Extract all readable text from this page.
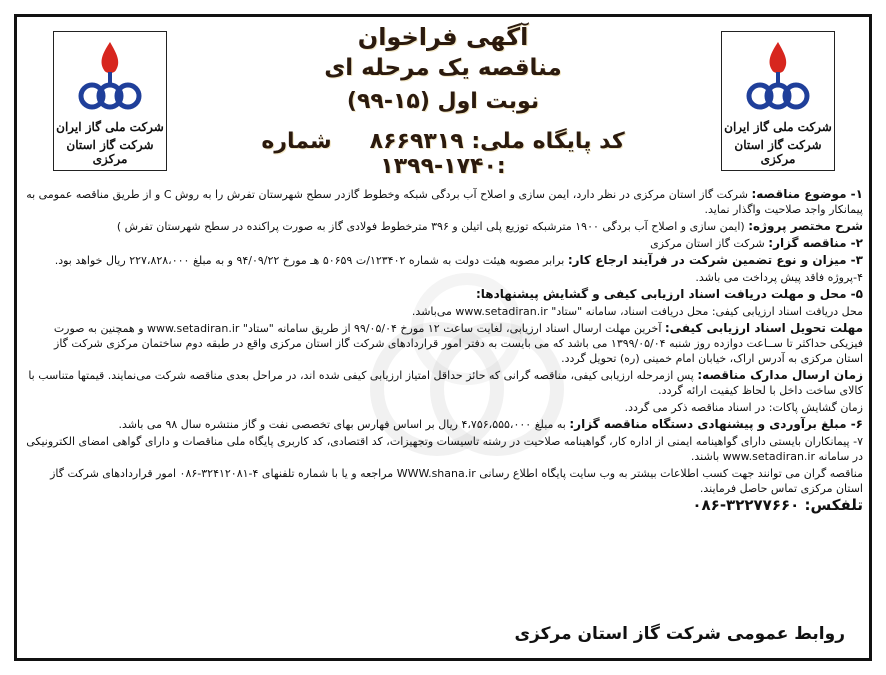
شرکت ملی گاز ایران
شرکت گاز استان مرکزی
آگهی فراخوان
مناقصه یک مرحله ای
نوبت اول (۱۵-۹۹)
کد پایگاه ملی: ۸۶۶۹۳۱۹شماره :۱۷۴۰-۱۳۹۹
شرکت ملی گاز ایران
شرکت گاز استان مرکزی

۱- موضوع مناقصه: شرکت گاز استان مرکزی در نظر دارد، ایمن سازی و اصلاح آب بردگی شبکه وخطوط گازدر سطح شهرستان تفرش را به روش C و از طریق مناقصه عمومی به پیمانکار واجد صلاحیت واگذار نماید.

شرح مختصر پروژه: (ایمن سازی و اصلاح آب بردگی ۱۹۰۰ مترشبکه توزیع پلی اتیلن و ۳۹۶ مترخطوط فولادی گاز به صورت پراکنده در سطح شهرستان تفرش )

۲- مناقصه گزار: شرکت گاز استان مرکزی

۳- میزان و نوع تضمین شرکت در فرآیند ارجاع کار: برابر مصوبه هیئت دولت به شماره ۱۲۳۴۰۲/ت ۵۰۶۵۹ هـ مورخ ۹۴/۰۹/۲۲ و به مبلغ ۲۲۷،۸۲۸،۰۰۰ ریال خواهد بود.

۴-پروژه فاقد پیش پرداخت می باشد.

۵- محل و مهلت دریافت اسناد ارزیابی کیفی و گشایش پیشنهادها:

محل دریافت اسناد ارزیابی کیفی: محل دریافت اسناد، سامانه "ستاد" www.setadiran.ir می‌باشد.

مهلت تحویل اسناد ارزیابی کیفی: آخرین مهلت ارسال اسناد ارزیابی، لغایت ساعت ۱۲ مورخ ۹۹/۰۵/۰۴ از طریق سامانه "ستاد" www.setadiran.ir و همچنین به صورت فیزیکی حداکثر تا ســاعت دوازده روز شنبه ۱۳۹۹/۰۵/۰۴ می باشد که می بایست به دفتر امور قراردادهای شرکت گاز استان مرکزی واقع در طبقه دوم ساختمان مرکزی شرکت گاز استان مرکزی به آدرس اراک، خیابان امام خمینی (ره) تحویل گردد.

زمان ارسال مدارک مناقصه: پس ازمرحله ارزیابی کیفی، مناقصه گرانی که حائز حداقل امتیاز ارزیابی کیفی شده اند، در مراحل بعدی مناقصه شرکت می‌نمایند. قیمتها متناسب با کالای ساخت داخل با لحاظ کیفیت ارائه گردد.

زمان گشایش پاکات: در اسناد مناقصه ذکر می گردد.

۶- مبلغ برآوردی و پیشنهادی دستگاه مناقصه گزار: به مبلغ ۴،۷۵۶،۵۵۵،۰۰۰ ریال بر اساس فهارس بهای تخصصی نفت و گاز منتشره سال ۹۸ می باشد.

۷- پیمانکاران بایستی دارای گواهینامه ایمنی از اداره کار، گواهینامه صلاحیت در رشته تاسیسات وتجهیزات، کد اقتصادی، کد کاربری پایگاه ملی مناقصات و دارای گواهی امضای الکترونیکی در سامانه www.setadiran.ir باشند.

مناقصه گران می توانند جهت کسب اطلاعات بیشتر به وب سایت پایگاه اطلاع رسانی WWW.shana.ir مراجعه و یا با شماره تلفنهای ۴-۳۲۴۱۲۰۸۱-۰۸۶ امور قراردادهای شرکت گاز استان مرکزی تماس حاصل فرمایند.

تلفکس: ۳۲۲۷۷۶۶۰-۰۸۶

روابط عمومی شرکت گاز استان مرکزی
